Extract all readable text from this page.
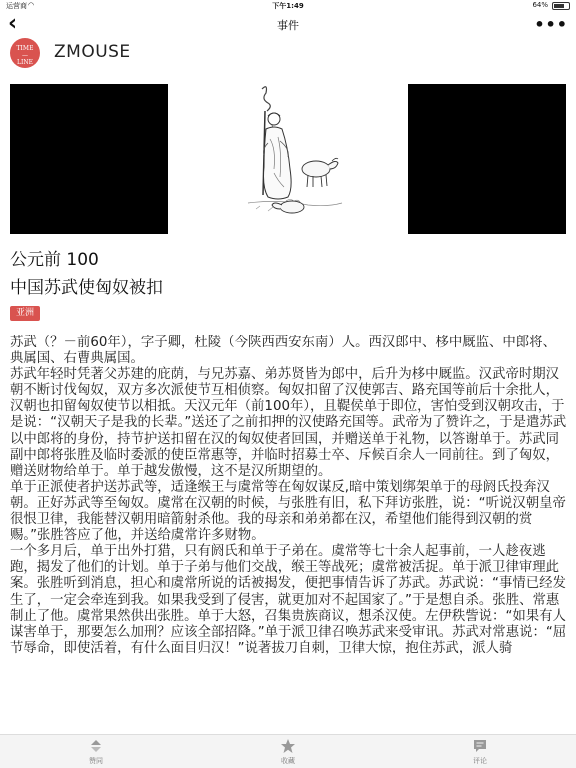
运营商 ◠	下午1:49	64%
‹	事件	•••
TIME
—
LINE
ZMOUSE
公元前 100
中国苏武使匈奴被扣
亚洲

苏武（？－前60年），字子卿，杜陵（今陕西西安东南）人。西汉郎中、栘中厩监、中郎将、典属国、右曹典属国。

苏武年轻时凭著父苏建的庇荫，与兄苏嘉、弟苏贤皆为郎中，后升为栘中厩监。汉武帝时期汉朝不断讨伐匈奴，双方多次派使节互相侦察。匈奴扣留了汉使郭吉、路充国等前后十余批人，汉朝也扣留匈奴使节以相抵。天汉元年（前100年），且鞮侯单于即位，害怕受到汉朝攻击，于是说：“汉朝天子是我的长辈。”送还了之前扣押的汉使路充国等。武帝为了赞许之，于是遣苏武以中郎将的身份，持节护送扣留在汉的匈奴使者回国，并赠送单于礼物，以答谢单于。苏武同副中郎将张胜及临时委派的使臣常惠等，并临时招募士卒、斥候百余人一同前往。到了匈奴，赠送财物给单于。单于越发傲慢，这不是汉所期望的。

单于正派使者护送苏武等，适逢缑王与虞常等在匈奴谋反,暗中策划绑架单于的母阏氏投奔汉朝。正好苏武等至匈奴。虞常在汉朝的时候，与张胜有旧，私下拜访张胜，说：“听说汉朝皇帝很恨卫律，我能替汉朝用暗箭射杀他。我的母亲和弟弟都在汉，希望他们能得到汉朝的赏赐。”张胜答应了他，并送给虞常许多财物。

一个多月后，单于出外打猎，只有阏氏和单于子弟在。虞常等七十余人起事前，一人趁夜逃跑，揭发了他们的计划。单于子弟与他们交战，缑王等战死；虞常被活捉。单于派卫律审理此案。张胜听到消息，担心和虞常所说的话被揭发，便把事情告诉了苏武。苏武说：“事情已经发生了，一定会牵连到我。如果我受到了侵害，就更加对不起国家了。”于是想自杀。张胜、常惠制止了他。虞常果然供出张胜。单于大怒，召集贵族商议，想杀汉使。左伊秩訾说：“如果有人谋害单于，那要怎么加刑？应该全部招降。”单于派卫律召唤苏武来受审讯。苏武对常惠说：“屈节辱命，即使活着，有什么面目归汉！”说著拔刀自刺，卫律大惊，抱住苏武，派人骑

赞同	收藏	评论
